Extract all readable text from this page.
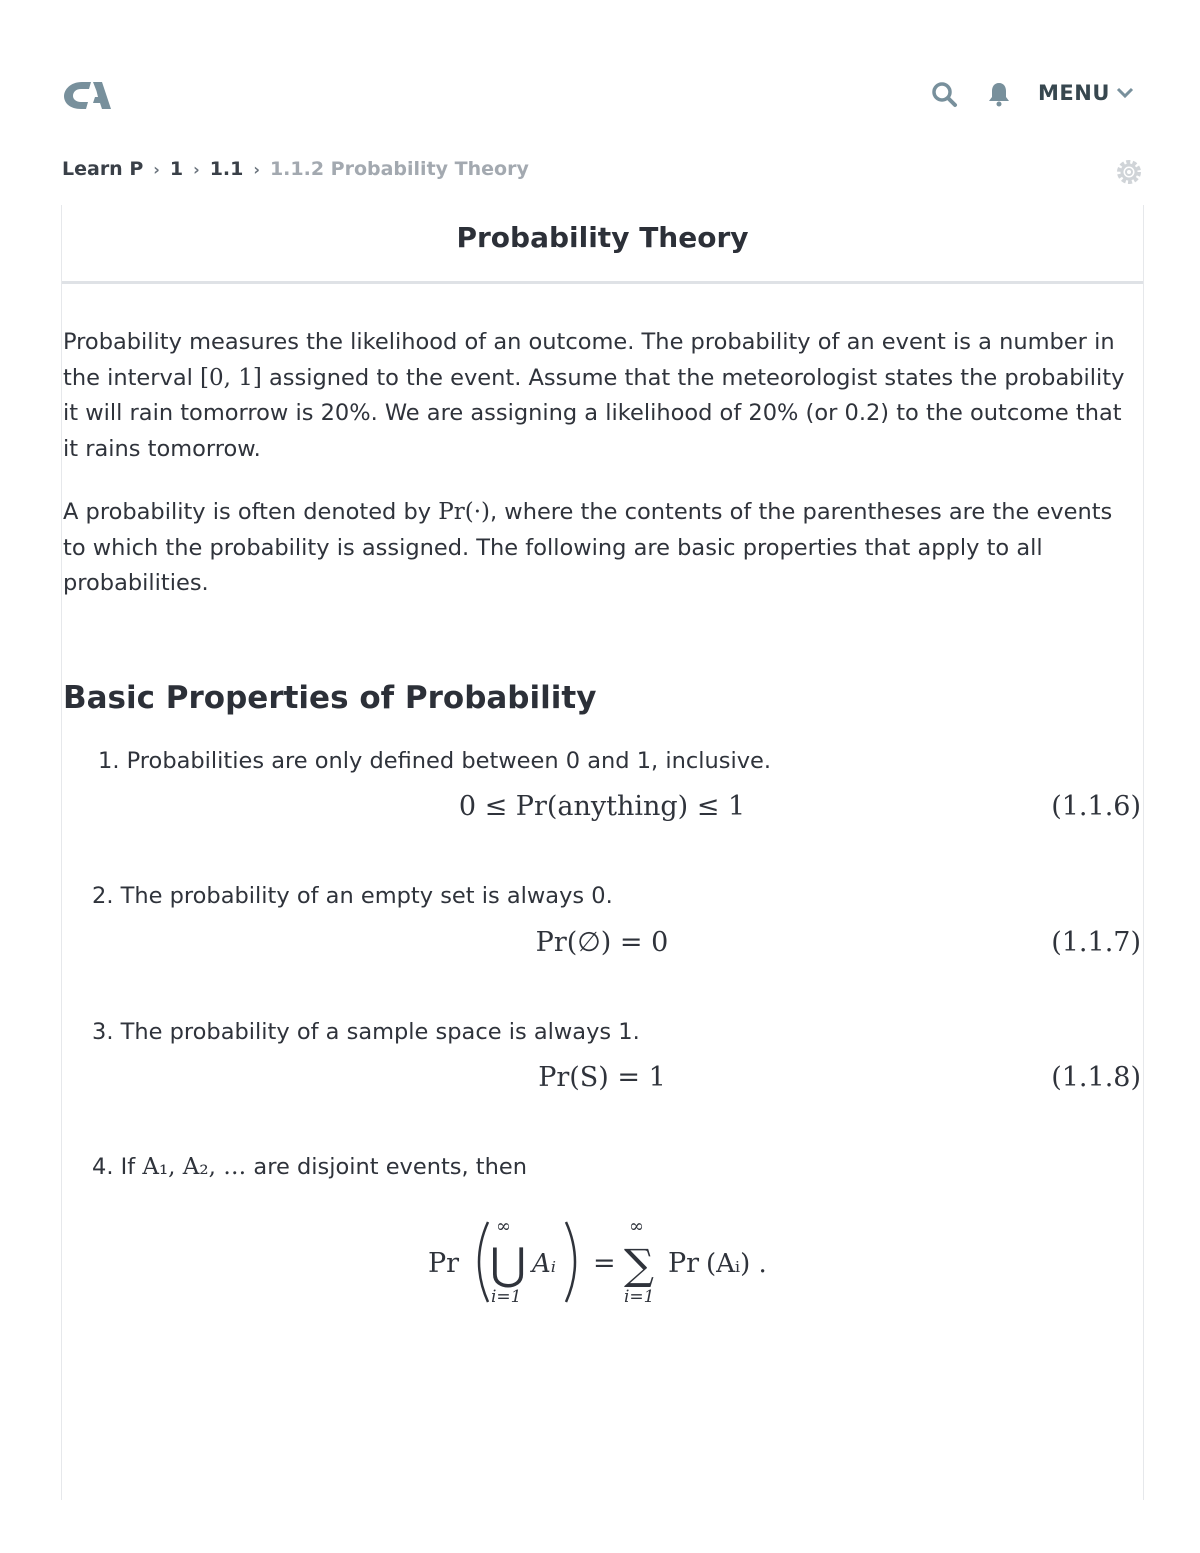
MENU
Learn P › 1 › 1.1 › 1.1.2 Probability Theory
Probability Theory

Probability measures the likelihood of an outcome. The probability of an event is a number in the interval [0, 1] assigned to the event. Assume that the meteorologist states the probability it will rain tomorrow is 20%. We are assigning a likelihood of 20% (or 0.2) to the outcome that it rains tomorrow.

A probability is often denoted by Pr(·), where the contents of the parentheses are the events to which the probability is assigned. The following are basic properties that apply to all probabilities.

Basic Properties of Probability
1. Probabilities are only defined between 0 and 1, inclusive.
0 ≤ Pr(anything) ≤ 1	(1.1.6)
2. The probability of an empty set is always 0.
Pr(∅) = 0	(1.1.7)
3. The probability of a sample space is always 1.
Pr(S) = 1	(1.1.8)
4. If A₁, A₂, … are disjoint events, then
Pr
∞
⋃
i=1
Aᵢ =
∞
∑
i=1
Pr (Aᵢ) .
